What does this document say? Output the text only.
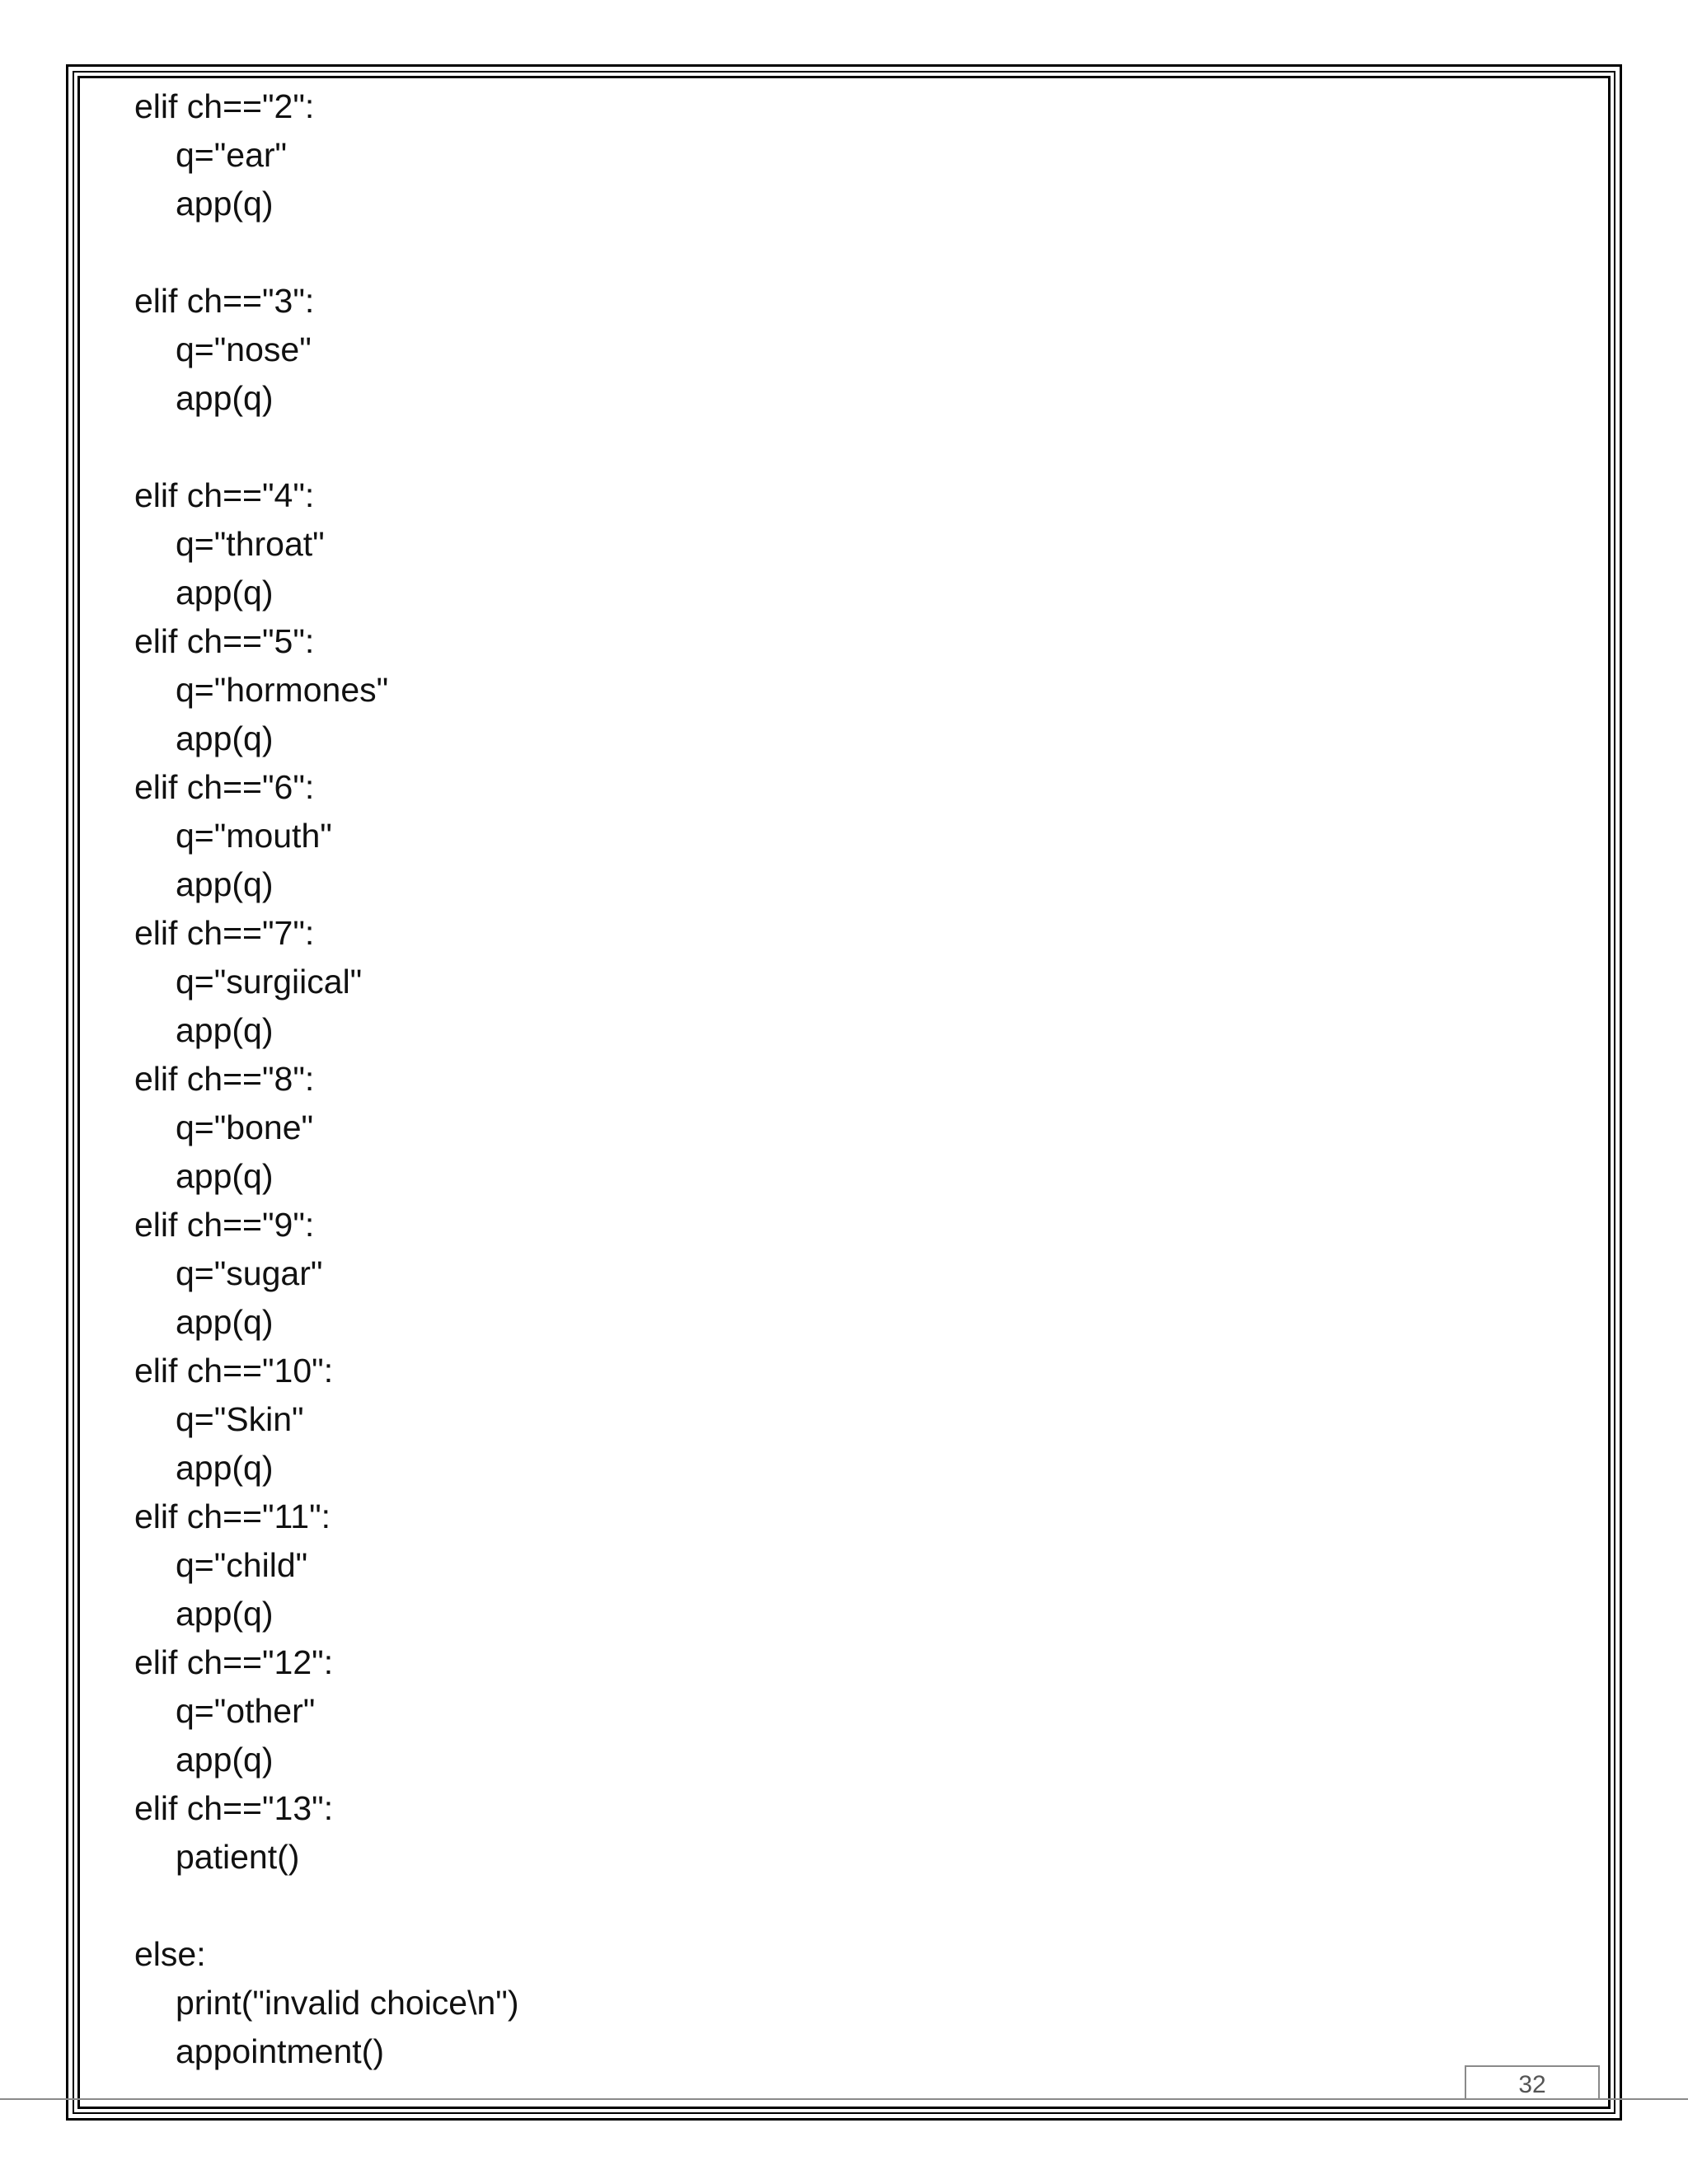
elif ch=="2":
q="ear"
app(q)
elif ch=="3":
q="nose"
app(q)
elif ch=="4":
q="throat"
app(q)
elif ch=="5":
q="hormones"
app(q)
elif ch=="6":
q="mouth"
app(q)
elif ch=="7":
q="surgiical"
app(q)
elif ch=="8":
q="bone"
app(q)
elif ch=="9":
q="sugar"
app(q)
elif ch=="10":
q="Skin"
app(q)
elif ch=="11":
q="child"
app(q)
elif ch=="12":
q="other"
app(q)
elif ch=="13":
patient()
else:
print("invalid choice\n")
appointment()
32
